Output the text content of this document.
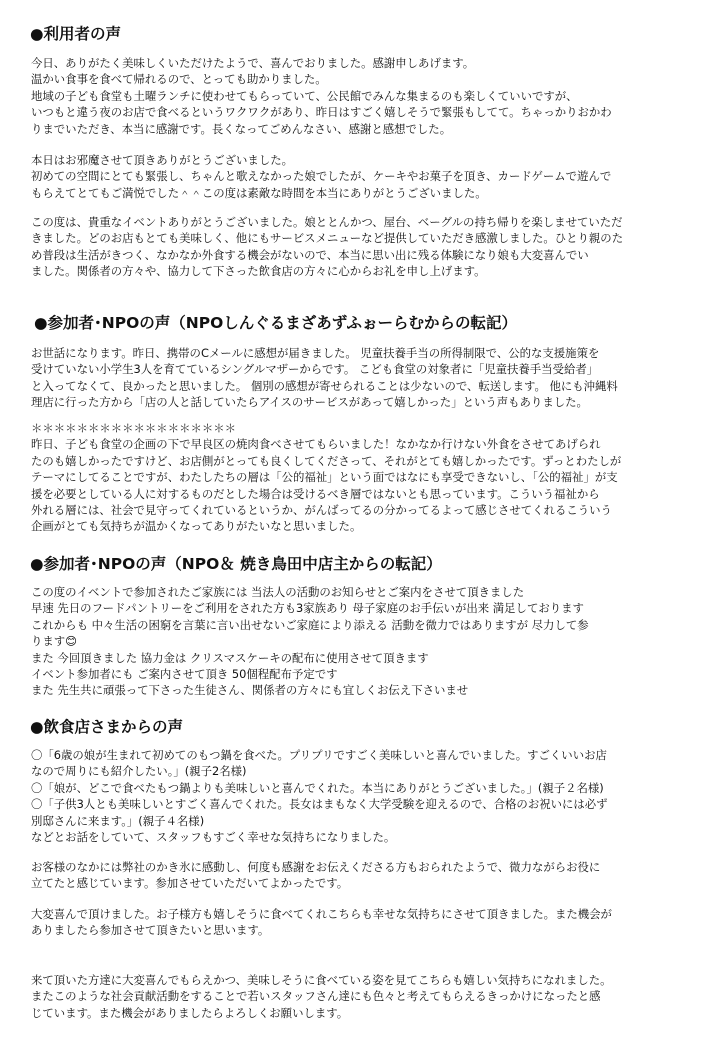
●利用者の声
今日、ありがたく美味しくいただけたようで、喜んでおりました。感謝申しあげます。
温かい食事を食べて帰れるので、とっても助かりました。
地域の子ども食堂も土曜ランチに使わせてもらっていて、公民館でみんな集まるのも楽しくていいですが、
いつもと違う夜のお店で食べるというワクワクがあり、昨日はすごく嬉しそうで緊張もしてて。ちゃっかりおかわ
りまでいただき、本当に感謝です。長くなってごめんなさい、感謝と感想でした。
本日はお邪魔させて頂きありがとうございました。
初めての空間にとても緊張し、ちゃんと歌えなかった娘でしたが、ケーキやお菓子を頂き、カードゲームで遊んで
もらえてとてもご満悦でした＾＾この度は素敵な時間を本当にありがとうございました。
この度は、貴重なイベントありがとうございました。娘ととんかつ、屋台、ベーグルの持ち帰りを楽しませていただ
きました。どのお店もとても美味しく、他にもサービスメニューなど提供していただき感激しました。ひとり親のた
め普段は生活がきつく、なかなか外食する機会がないので、本当に思い出に残る体験になり娘も大変喜んでい
ました。関係者の方々や、協力して下さった飲食店の方々に心からお礼を申し上げます。
●参加者･NPOの声（NPOしんぐるまざあずふぉーらむからの転記）
お世話になります。昨日、携帯のCメールに感想が届きました。 児童扶養手当の所得制限で、公的な支援施策を
受けていない小学生3人を育てているシングルマザーからです。 こども食堂の対象者に「児童扶養手当受給者」
と入ってなくて、良かったと思いました。 個別の感想が寄せられることは少ないので、転送します。 他にも沖縄料
理店に行った方から「店の人と話していたらアイスのサービスがあって嬉しかった」という声もありました。
＊＊＊＊＊＊＊＊＊＊＊＊＊＊＊＊＊＊
昨日、子ども食堂の企画の下で早良区の焼肉食べさせてもらいました！なかなか行けない外食をさせてあげられ
たのも嬉しかったですけど、お店側がとっても良くしてくださって、それがとても嬉しかったです。ずっとわたしが
テーマにしてることですが、わたしたちの層は「公的福祉」という面ではなにも享受できないし、「公的福祉」が支
援を必要としている人に対するものだとした場合は受けるべき層ではないとも思っています。こういう福祉から
外れる層には、社会で見守ってくれているというか、がんばってるの分かってるよって感じさせてくれるこういう
企画がとても気持ちが温かくなってありがたいなと思いました。
●参加者･NPOの声（NPO＆ 焼き鳥田中店主からの転記）
この度のイベントで参加されたご家族には 当法人の活動のお知らせとご案内をさせて頂きました
早速 先日のフードパントリーをご利用をされた方も3家族あり 母子家庭のお手伝いが出来 満足しております
これからも 中々生活の困窮を言葉に言い出せないご家庭により添える 活動を微力ではありますが 尽力して参
ります😊
また 今回頂きました 協力金は クリスマスケーキの配布に使用させて頂きます
イベント参加者にも ご案内させて頂き 50個程配布予定です
また 先生共に頑張って下さった生徒さん、関係者の方々にも宜しくお伝え下さいませ
●飲食店さまからの声
〇「6歳の娘が生まれて初めてのもつ鍋を食べた。プリプリですごく美味しいと喜んでいました。すごくいいお店
なので周りにも紹介したい。」(親子2名様)
〇「娘が、どこで食べたもつ鍋よりも美味しいと喜んでくれた。本当にありがとうございました。」(親子２名様)
〇「子供3人とも美味しいとすごく喜んでくれた。長女はまもなく大学受験を迎えるので、合格のお祝いには必ず
別邸さんに来ます。」(親子４名様)
などとお話をしていて、スタッフもすごく幸せな気持ちになりました。
お客様のなかには弊社のかき氷に感動し、何度も感謝をお伝えくださる方もおられたようで、微力ながらお役に
立てたと感じています。参加させていただいてよかったです。
大変喜んで頂けました。お子様方も嬉しそうに食べてくれこちらも幸せな気持ちにさせて頂きました。また機会が
ありましたら参加させて頂きたいと思います。
来て頂いた方達に大変喜んでもらえかつ、美味しそうに食べている姿を見てこちらも嬉しい気持ちになれました。
またこのような社会貢献活動をすることで若いスタッフさん達にも色々と考えてもらえるきっかけになったと感
じています。また機会がありましたらよろしくお願いします。
